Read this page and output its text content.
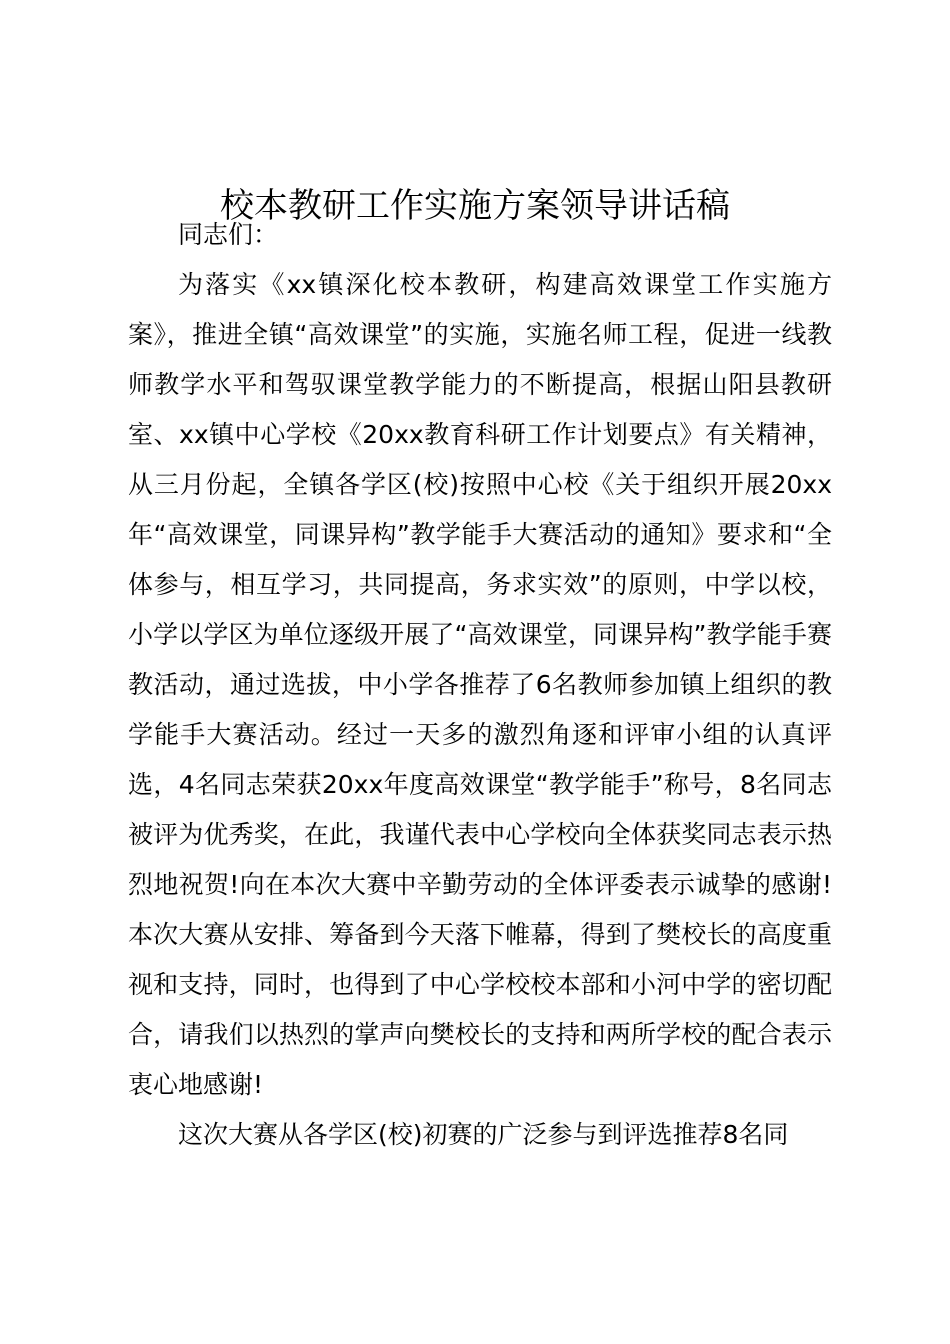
校本教研工作实施方案领导讲话稿

同志们：

为落实《xx镇深化校本教研，构建高效课堂工作实施方案》，推进全镇“高效课堂”的实施，实施名师工程，促进一线教师教学水平和驾驭课堂教学能力的不断提高，根据山阳县教研室、xx镇中心学校《20xx教育科研工作计划要点》有关精神，从三月份起，全镇各学区(校)按照中心校《关于组织开展20xx年“高效课堂，同课异构”教学能手大赛活动的通知》要求和“全体参与，相互学习，共同提高，务求实效”的原则，中学以校，小学以学区为单位逐级开展了“高效课堂，同课异构”教学能手赛教活动，通过选拔，中小学各推荐了6名教师参加镇上组织的教学能手大赛活动。经过一天多的激烈角逐和评审小组的认真评选，4名同志荣获20xx年度高效课堂“教学能手”称号，8名同志被评为优秀奖，在此，我谨代表中心学校向全体获奖同志表示热烈地祝贺!向在本次大赛中辛勤劳动的全体评委表示诚挚的感谢!本次大赛从安排、筹备到今天落下帷幕，得到了樊校长的高度重视和支持，同时，也得到了中心学校校本部和小河中学的密切配合，请我们以热烈的掌声向樊校长的支持和两所学校的配合表示衷心地感谢!

这次大赛从各学区(校)初赛的广泛参与到评选推荐8名同
